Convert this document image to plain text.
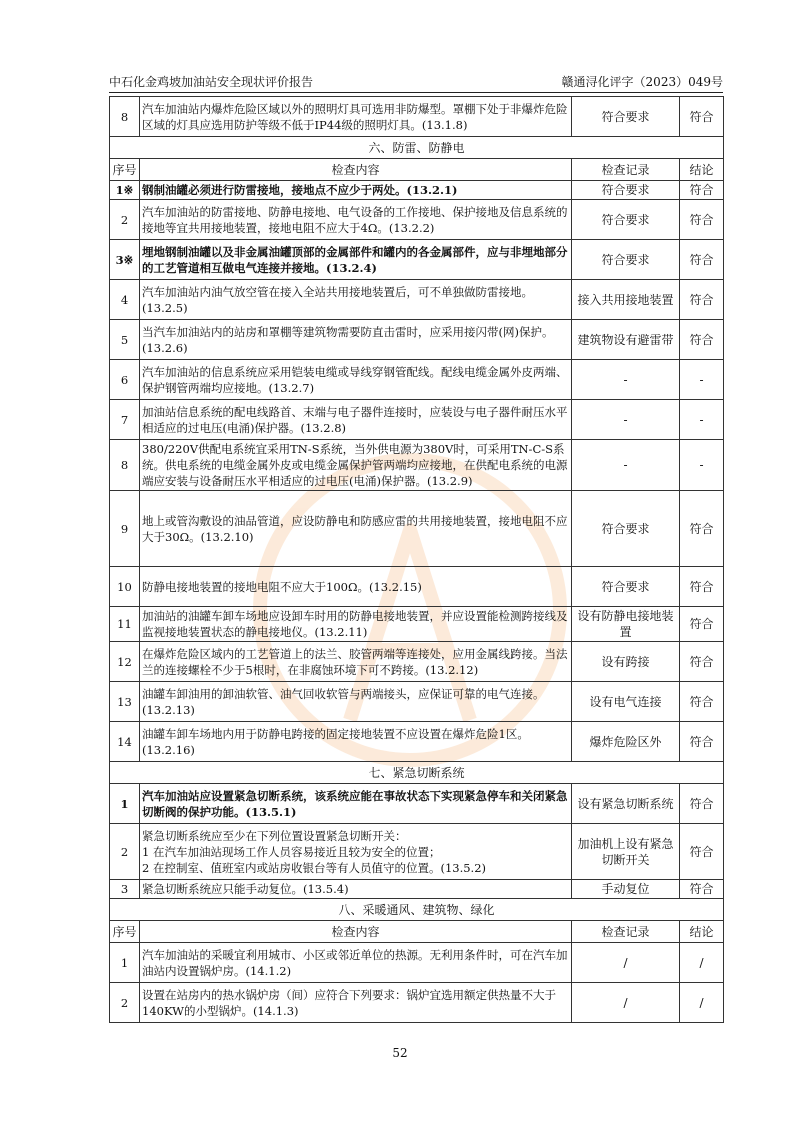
中石化金鸡坡加油站安全现状评价报告	赣通浔化评字（2023）049号
8	汽车加油站内爆炸危险区域以外的照明灯具可选用非防爆型。罩棚下处于非爆炸危险区域的灯具应选用防护等级不低于IP44级的照明灯具。(13.1.8)	符合要求	符合
六、防雷、防静电			
序号	检查内容	检查记录	结论
1※	钢制油罐必须进行防雷接地，接地点不应少于两处。(13.2.1)	符合要求	符合
2	汽车加油站的防雷接地、防静电接地、电气设备的工作接地、保护接地及信息系统的接地等宜共用接地装置，接地电阻不应大于4Ω。(13.2.2)	符合要求	符合
3※	埋地钢制油罐以及非金属油罐顶部的金属部件和罐内的各金属部件，应与非埋地部分的工艺管道相互做电气连接并接地。(13.2.4)	符合要求	符合
4	汽车加油站内油气放空管在接入全站共用接地装置后，可不单独做防雷接地。(13.2.5)	接入共用接地装置	符合
5	当汽车加油站内的站房和罩棚等建筑物需要防直击雷时，应采用接闪带(网)保护。(13.2.6)	建筑物设有避雷带	符合
6	汽车加油站的信息系统应采用铠装电缆或导线穿钢管配线。配线电缆金属外皮两端、保护钢管两端均应接地。(13.2.7)	-	-
7	加油站信息系统的配电线路首、末端与电子器件连接时，应装设与电子器件耐压水平相适应的过电压(电涌)保护器。(13.2.8)	-	-
8	380/220V供配电系统宜采用TN-S系统，当外供电源为380V时，可采用TN-C-S系统。供电系统的电缆金属外皮或电缆金属保护管两端均应接地，在供配电系统的电源端应安装与设备耐压水平相适应的过电压(电涌)保护器。(13.2.9)	-	-
9	地上或管沟敷设的油品管道，应设防静电和防感应雷的共用接地装置，接地电阻不应大于30Ω。(13.2.10)	符合要求	符合
10	防静电接地装置的接地电阻不应大于100Ω。(13.2.15)	符合要求	符合
11	加油站的油罐车卸车场地应设卸车时用的防静电接地装置，并应设置能检测跨接线及监视接地装置状态的静电接地仪。(13.2.11)	设有防静电接地装置	符合
12	在爆炸危险区域内的工艺管道上的法兰、胶管两端等连接处，应用金属线跨接。当法兰的连接螺栓不少于5根时，在非腐蚀环境下可不跨接。(13.2.12)	设有跨接	符合
13	油罐车卸油用的卸油软管、油气回收软管与两端接头，应保证可靠的电气连接。(13.2.13)	设有电气连接	符合
14	油罐车卸车场地内用于防静电跨接的固定接地装置不应设置在爆炸危险1区。(13.2.16)	爆炸危险区外	符合
七、紧急切断系统			
1	汽车加油站应设置紧急切断系统，该系统应能在事故状态下实现紧急停车和关闭紧急切断阀的保护功能。(13.5.1)	设有紧急切断系统	符合
2	紧急切断系统应至少在下列位置设置紧急切断开关：
1 在汽车加油站现场工作人员容易接近且较为安全的位置；
2 在控制室、值班室内或站房收银台等有人员值守的位置。(13.5.2)	加油机上设有紧急切断开关	符合
3	紧急切断系统应只能手动复位。(13.5.4)	手动复位	符合
八、采暖通风、建筑物、绿化			
序号	检查内容	检查记录	结论
1	汽车加油站的采暖宜利用城市、小区或邻近单位的热源。无利用条件时，可在汽车加油站内设置锅炉房。(14.1.2)	/	/
2	设置在站房内的热水锅炉房（间）应符合下列要求：锅炉宜选用额定供热量不大于140KW的小型锅炉。(14.1.3)	/	/
52
